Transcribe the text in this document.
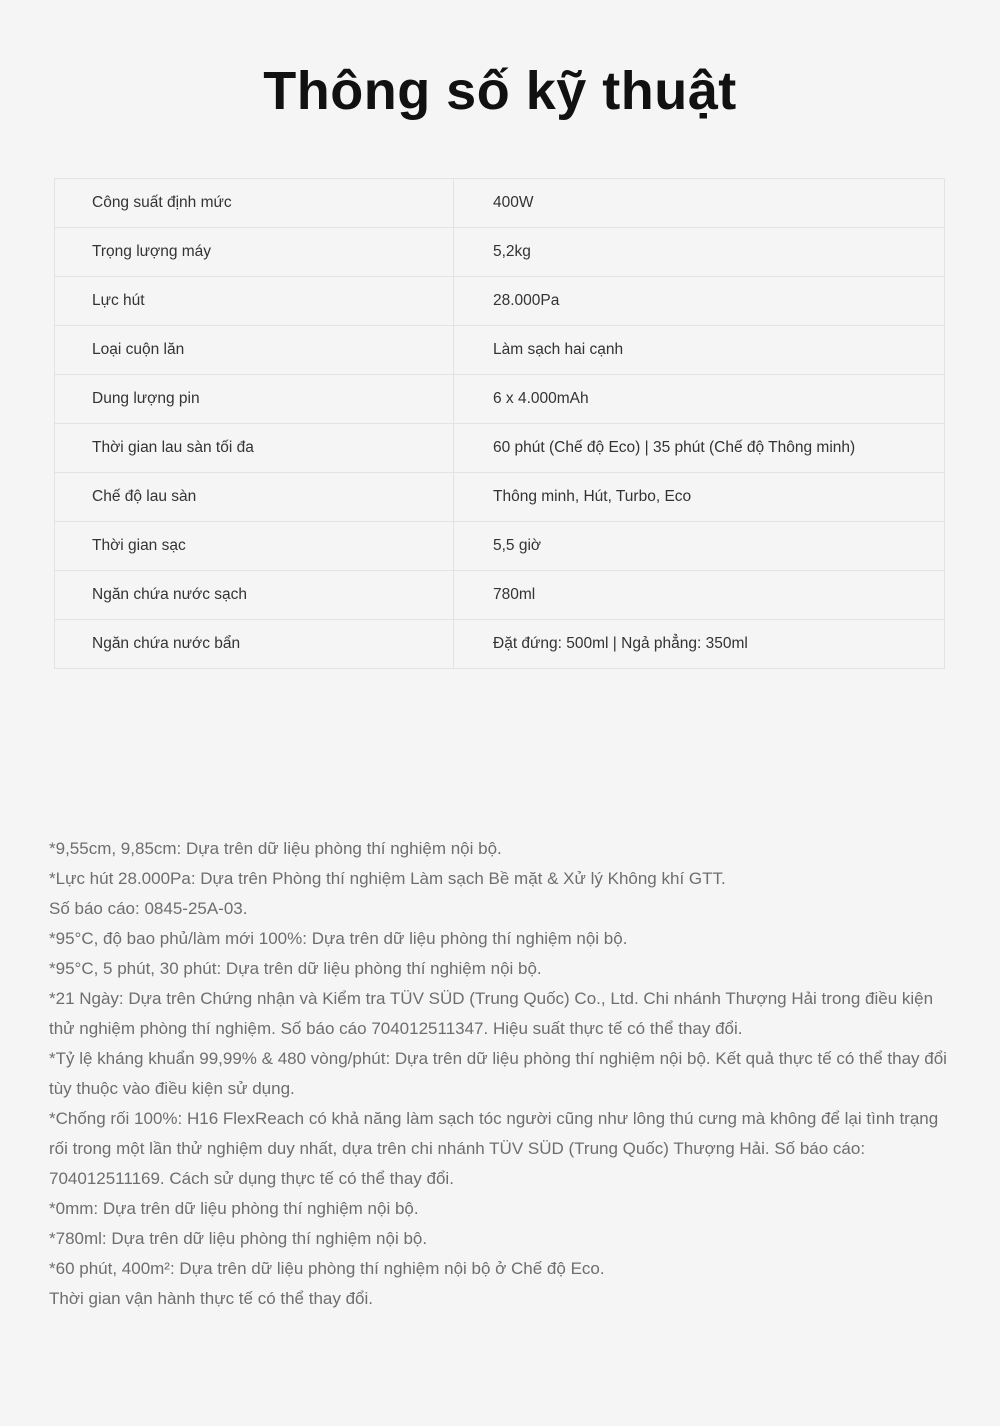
Thông số kỹ thuật
Công suất định mức	400W
Trọng lượng máy	5,2kg
Lực hút	28.000Pa
Loại cuộn lăn	Làm sạch hai cạnh
Dung lượng pin	6 x 4.000mAh
Thời gian lau sàn tối đa	60 phút (Chế độ Eco) | 35 phút (Chế độ Thông minh)
Chế độ lau sàn	Thông minh, Hút, Turbo, Eco
Thời gian sạc	5,5 giờ
Ngăn chứa nước sạch	780ml
Ngăn chứa nước bẩn	Đặt đứng: 500ml | Ngả phẳng: 350ml

*9,55cm, 9,85cm: Dựa trên dữ liệu phòng thí nghiệm nội bộ.

*Lực hút 28.000Pa: Dựa trên Phòng thí nghiệm Làm sạch Bề mặt & Xử lý Không khí GTT.

Số báo cáo: 0845-25A-03.

*95°C, độ bao phủ/làm mới 100%: Dựa trên dữ liệu phòng thí nghiệm nội bộ.

*95°C, 5 phút, 30 phút: Dựa trên dữ liệu phòng thí nghiệm nội bộ.

*21 Ngày: Dựa trên Chứng nhận và Kiểm tra TÜV SÜD (Trung Quốc) Co., Ltd. Chi nhánh Thượng Hải trong điều kiện thử nghiệm phòng thí nghiệm. Số báo cáo 704012511347. Hiệu suất thực tế có thể thay đổi.

*Tỷ lệ kháng khuẩn 99,99% & 480 vòng/phút: Dựa trên dữ liệu phòng thí nghiệm nội bộ. Kết quả thực tế có thể thay đổi tùy thuộc vào điều kiện sử dụng.

*Chống rối 100%: H16 FlexReach có khả năng làm sạch tóc người cũng như lông thú cưng mà không để lại tình trạng rối trong một lần thử nghiệm duy nhất, dựa trên chi nhánh TÜV SÜD (Trung Quốc) Thượng Hải. Số báo cáo: 704012511169. Cách sử dụng thực tế có thể thay đổi.

*0mm: Dựa trên dữ liệu phòng thí nghiệm nội bộ.

*780ml: Dựa trên dữ liệu phòng thí nghiệm nội bộ.

*60 phút, 400m²: Dựa trên dữ liệu phòng thí nghiệm nội bộ ở Chế độ Eco.

Thời gian vận hành thực tế có thể thay đổi.
